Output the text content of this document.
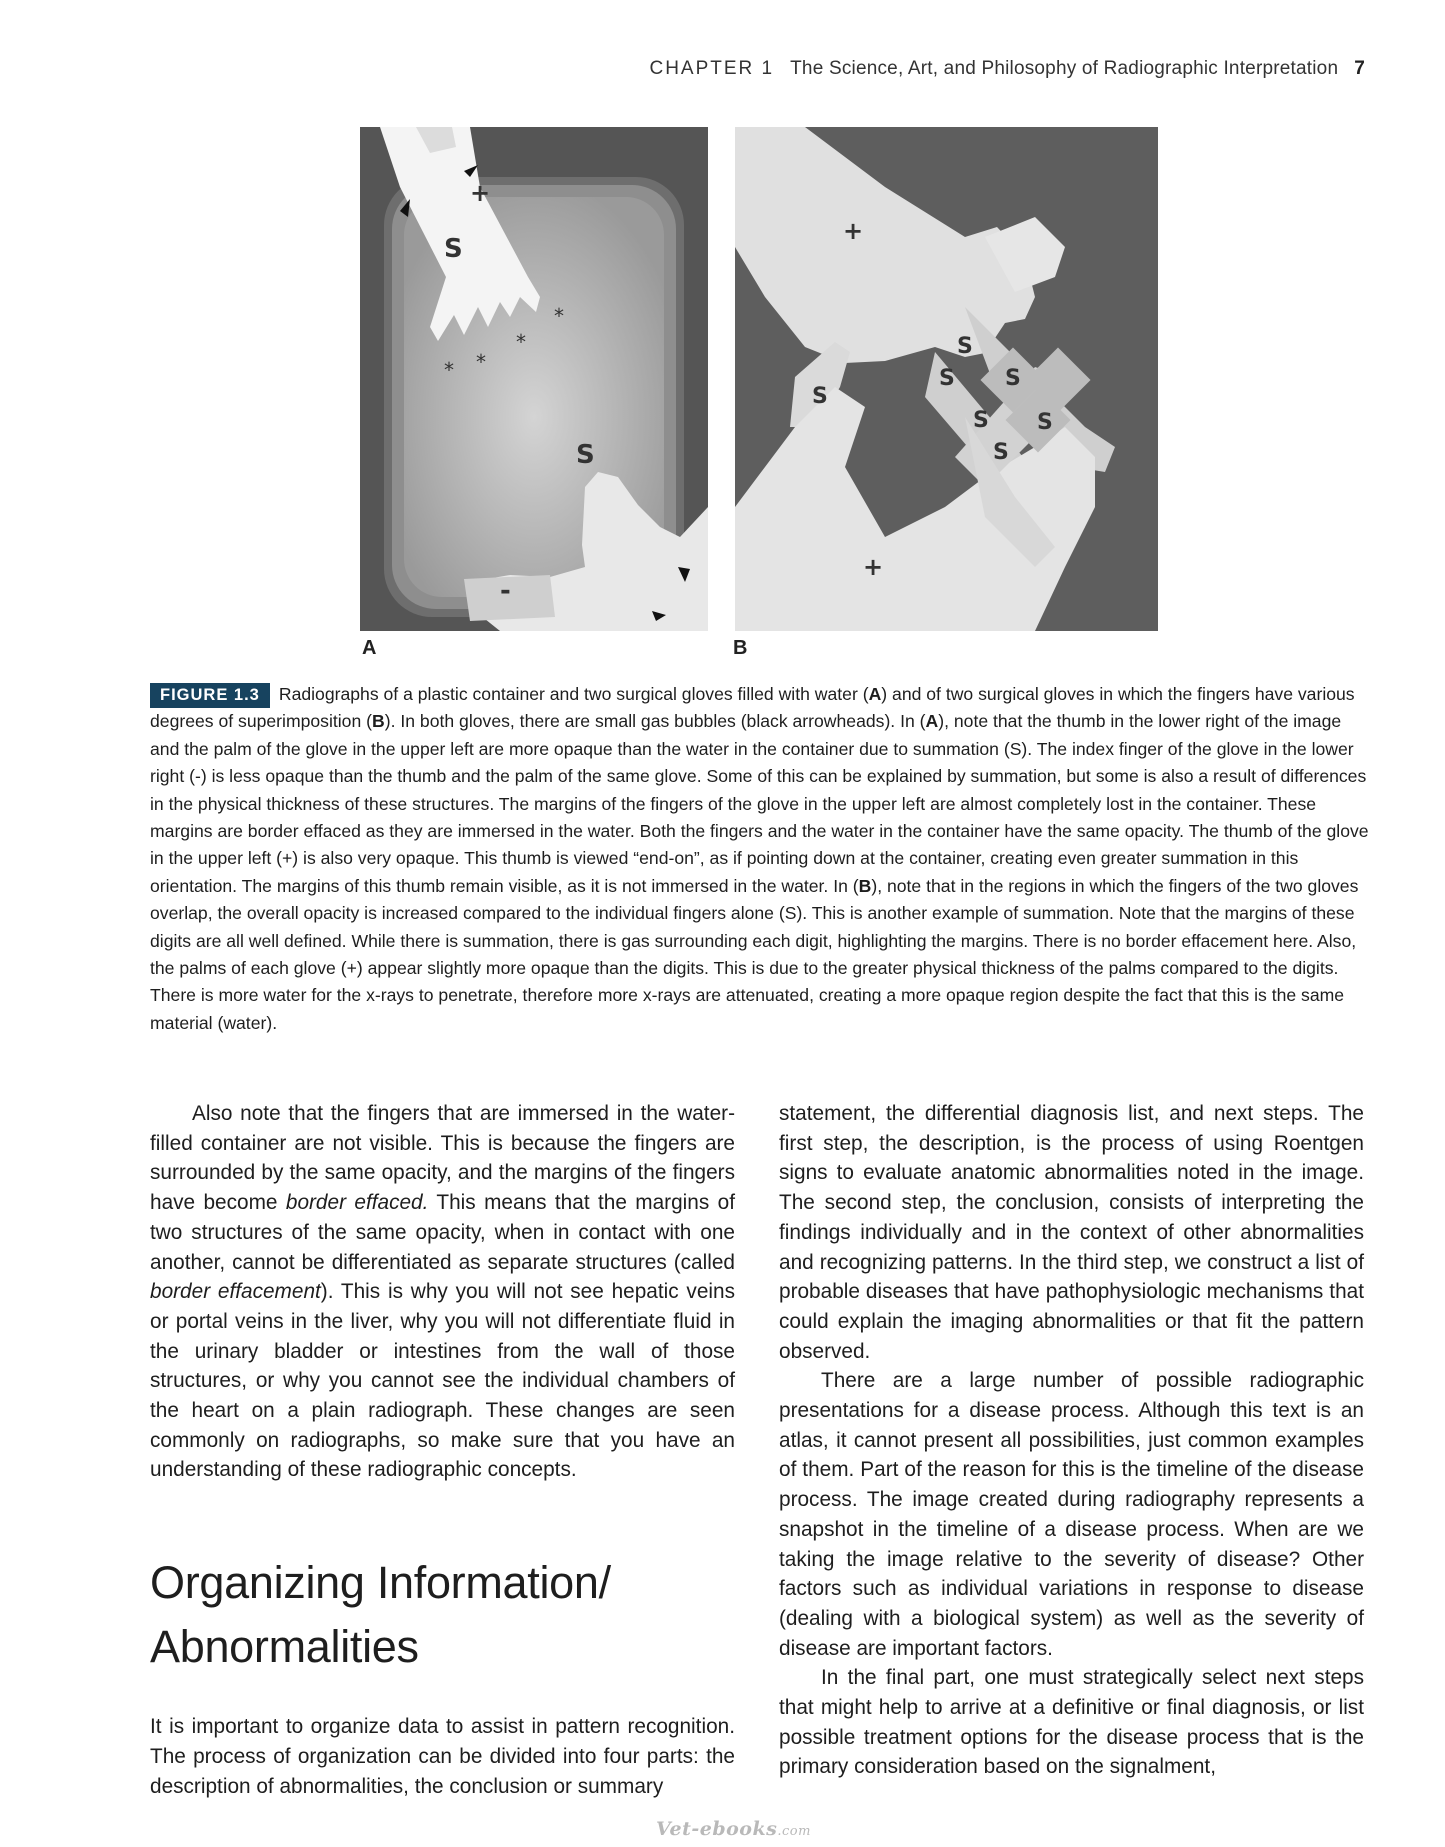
CHAPTER 1 The Science, Art, and Philosophy of Radiographic Interpretation 7
+
S
S
-
*
*
*
*
+
+
S
S
S S
S S
S
A	B

FIGURE 1.3 Radiographs of a plastic container and two surgical gloves filled with water (A) and of two surgical gloves in which the fingers have various degrees of superimposition (B). In both gloves, there are small gas bubbles (black arrowheads). In (A), note that the thumb in the lower right of the image and the palm of the glove in the upper left are more opaque than the water in the container due to summation (S). The index finger of the glove in the lower right (-) is less opaque than the thumb and the palm of the same glove. Some of this can be explained by summation, but some is also a result of differences in the physical thickness of these structures. The margins of the fingers of the glove in the upper left are almost completely lost in the container. These margins are border effaced as they are immersed in the water. Both the fingers and the water in the container have the same opacity. The thumb of the glove in the upper left (+) is also very opaque. This thumb is viewed “end-on”, as if pointing down at the container, creating even greater summation in this orientation. The margins of this thumb remain visible, as it is not immersed in the water. In (B), note that in the regions in which the fingers of the two gloves overlap, the overall opacity is increased compared to the individual fingers alone (S). This is another example of summation. Note that the margins of these digits are all well defined. While there is summation, there is gas surrounding each digit, highlighting the margins. There is no border effacement here. Also, the palms of each glove (+) appear slightly more opaque than the digits. This is due to the greater physical thickness of the palms compared to the digits. There is more water for the x-rays to penetrate, therefore more x-rays are attenuated, creating a more opaque region despite the fact that this is the same material (water).

Also note that the fingers that are immersed in the water-filled container are not visible. This is because the fingers are surrounded by the same opacity, and the margins of the fingers have become border effaced. This means that the margins of two structures of the same opacity, when in contact with one another, cannot be differentiated as separate structures (called border effacement). This is why you will not see hepatic veins or portal veins in the liver, why you will not differentiate fluid in the urinary bladder or intestines from the wall of those structures, or why you cannot see the individual chambers of the heart on a plain radiograph. These changes are seen commonly on radiographs, so make sure that you have an understanding of these radiographic concepts.

Organizing Information/ Abnormalities

It is important to organize data to assist in pattern recognition. The process of organization can be divided into four parts: the description of abnormalities, the conclusion or summary

statement, the differential diagnosis list, and next steps. The first step, the description, is the process of using Roentgen signs to evaluate anatomic abnormalities noted in the image. The second step, the conclusion, consists of interpreting the findings individually and in the context of other abnormalities and recognizing patterns. In the third step, we construct a list of probable diseases that have pathophysiologic mechanisms that could explain the imaging abnormalities or that fit the pattern observed.

There are a large number of possible radiographic presentations for a disease process. Although this text is an atlas, it cannot present all possibilities, just common examples of them. Part of the reason for this is the timeline of the disease process. The image created during radiography represents a snapshot in the timeline of a disease process. When are we taking the image relative to the severity of disease? Other factors such as individual variations in response to disease (dealing with a biological system) as well as the severity of disease are important factors.

In the final part, one must strategically select next steps that might help to arrive at a definitive or final diagnosis, or list possible treatment options for the disease process that is the primary consideration based on the signalment,

Vet-ebooks.com
